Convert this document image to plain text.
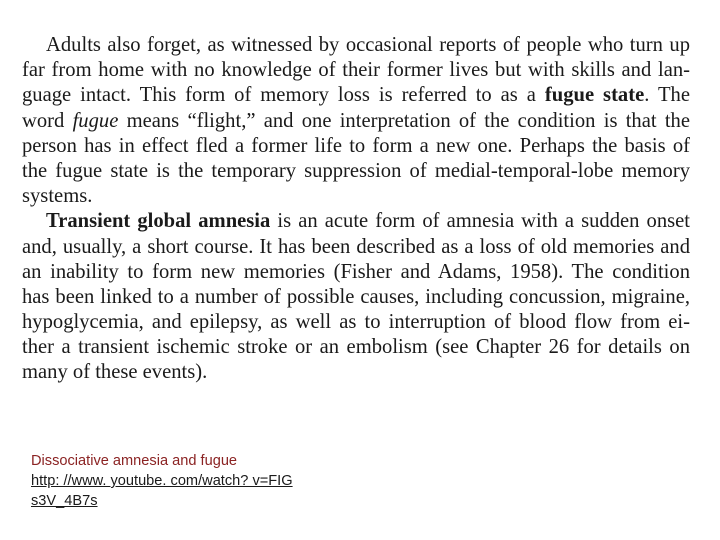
Adults also forget, as witnessed by occasional reports of people who turn up
far from home with no knowledge of their former lives but with skills and lan-
guage intact. This form of memory loss is referred to as a fugue state. The
word fugue means “flight,” and one interpretation of the condition is that the
person has in effect fled a former life to form a new one. Perhaps the basis of
the fugue state is the temporary suppression of medial-temporal-lobe memory
systems.
Transient global amnesia is an acute form of amnesia with a sudden onset
and, usually, a short course. It has been described as a loss of old memories and
an inability to form new memories (Fisher and Adams, 1958). The condition
has been linked to a number of possible causes, including concussion, migraine,
hypoglycemia, and epilepsy, as well as to interruption of blood flow from ei-
ther a transient ischemic stroke or an embolism (see Chapter 26 for details on
many of these events).
Dissociative amnesia and fugue
http: //www. youtube. com/watch? v=FIG
s3V_4B7s
